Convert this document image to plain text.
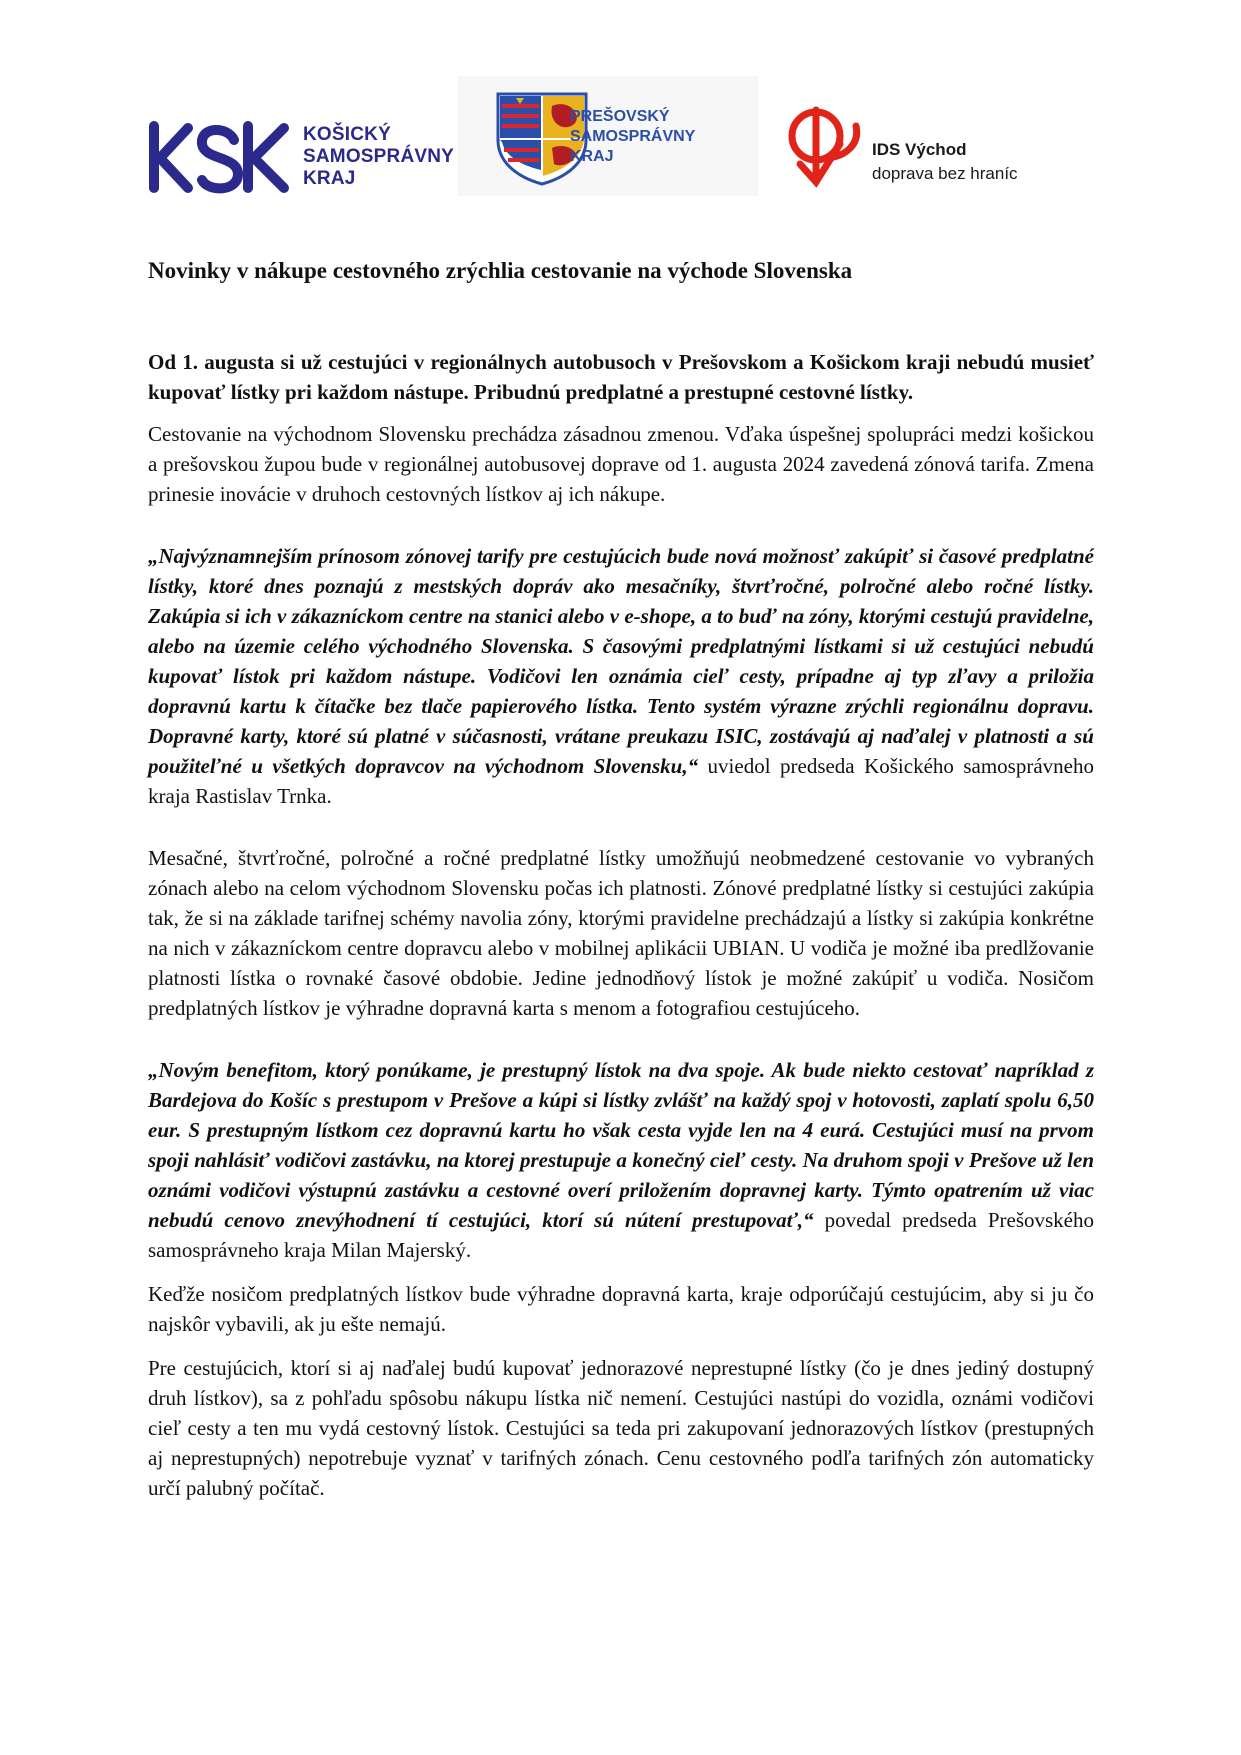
KOŠICKÝ
SAMOSPRÁVNY
KRAJ
PREŠOVSKÝ
SAMOSPRÁVNY
KRAJ	IDS Východ
doprava bez hraníc
Novinky v nákupe cestovného zrýchlia cestovanie na východe Slovenska

Od 1. augusta si už cestujúci v regionálnych autobusoch v Prešovskom a Košickom kraji nebudú musieť kupovať lístky pri každom nástupe. Pribudnú predplatné a prestupné cestovné lístky.

Cestovanie na východnom Slovensku prechádza zásadnou zmenou. Vďaka úspešnej spolupráci medzi košickou a prešovskou župou bude v regionálnej autobusovej doprave od 1. augusta 2024 zavedená zónová tarifa. Zmena prinesie inovácie v druhoch cestovných lístkov aj ich nákupe.

„Najvýznamnejším prínosom zónovej tarify pre cestujúcich bude nová možnosť zakúpiť si časové predplatné lístky, ktoré dnes poznajú z mestských dopráv ako mesačníky, štvrťročné, polročné alebo ročné lístky. Zakúpia si ich v zákazníckom centre na stanici alebo v e-shope, a to buď na zóny, ktorými cestujú pravidelne, alebo na územie celého východného Slovenska. S časovými predplatnými lístkami si už cestujúci nebudú kupovať lístok pri každom nástupe. Vodičovi len oznámia cieľ cesty, prípadne aj typ zľavy a priložia dopravnú kartu k čítačke bez tlače papierového lístka. Tento systém výrazne zrýchli regionálnu dopravu. Dopravné karty, ktoré sú platné v súčasnosti, vrátane preukazu ISIC, zostávajú aj naďalej v platnosti a sú použiteľné u všetkých dopravcov na východnom Slovensku,“ uviedol predseda Košického samosprávneho kraja Rastislav Trnka.

Mesačné, štvrťročné, polročné a ročné predplatné lístky umožňujú neobmedzené cestovanie vo vybraných zónach alebo na celom východnom Slovensku počas ich platnosti. Zónové predplatné lístky si cestujúci zakúpia tak, že si na základe tarifnej schémy navolia zóny, ktorými pravidelne prechádzajú a lístky si zakúpia konkrétne na nich v zákazníckom centre dopravcu alebo v mobilnej aplikácii UBIAN. U vodiča je možné iba predlžovanie platnosti lístka o rovnaké časové obdobie. Jedine jednodňový lístok je možné zakúpiť u vodiča. Nosičom predplatných lístkov je výhradne dopravná karta s menom a fotografiou cestujúceho.

„Novým benefitom, ktorý ponúkame, je prestupný lístok na dva spoje. Ak bude niekto cestovať napríklad z Bardejova do Košíc s prestupom v Prešove a kúpi si lístky zvlášť na každý spoj v hotovosti, zaplatí spolu 6,50 eur. S prestupným lístkom cez dopravnú kartu ho však cesta vyjde len na 4 eurá. Cestujúci musí na prvom spoji nahlásiť vodičovi zastávku, na ktorej prestupuje a konečný cieľ cesty. Na druhom spoji v Prešove už len oznámi vodičovi výstupnú zastávku a cestovné overí priložením dopravnej karty. Týmto opatrením už viac nebudú cenovo znevýhodnení tí cestujúci, ktorí sú nútení prestupovať,“ povedal predseda Prešovského samosprávneho kraja Milan Majerský.

Keďže nosičom predplatných lístkov bude výhradne dopravná karta, kraje odporúčajú cestujúcim, aby si ju čo najskôr vybavili, ak ju ešte nemajú.

Pre cestujúcich, ktorí si aj naďalej budú kupovať jednorazové neprestupné lístky (čo je dnes jediný dostupný druh lístkov), sa z pohľadu spôsobu nákupu lístka nič nemení. Cestujúci nastúpi do vozidla, oznámi vodičovi cieľ cesty a ten mu vydá cestovný lístok. Cestujúci sa teda pri zakupovaní jednorazových lístkov (prestupných aj neprestupných) nepotrebuje vyznať v tarifných zónach. Cenu cestovného podľa tarifných zón automaticky určí palubný počítač.
